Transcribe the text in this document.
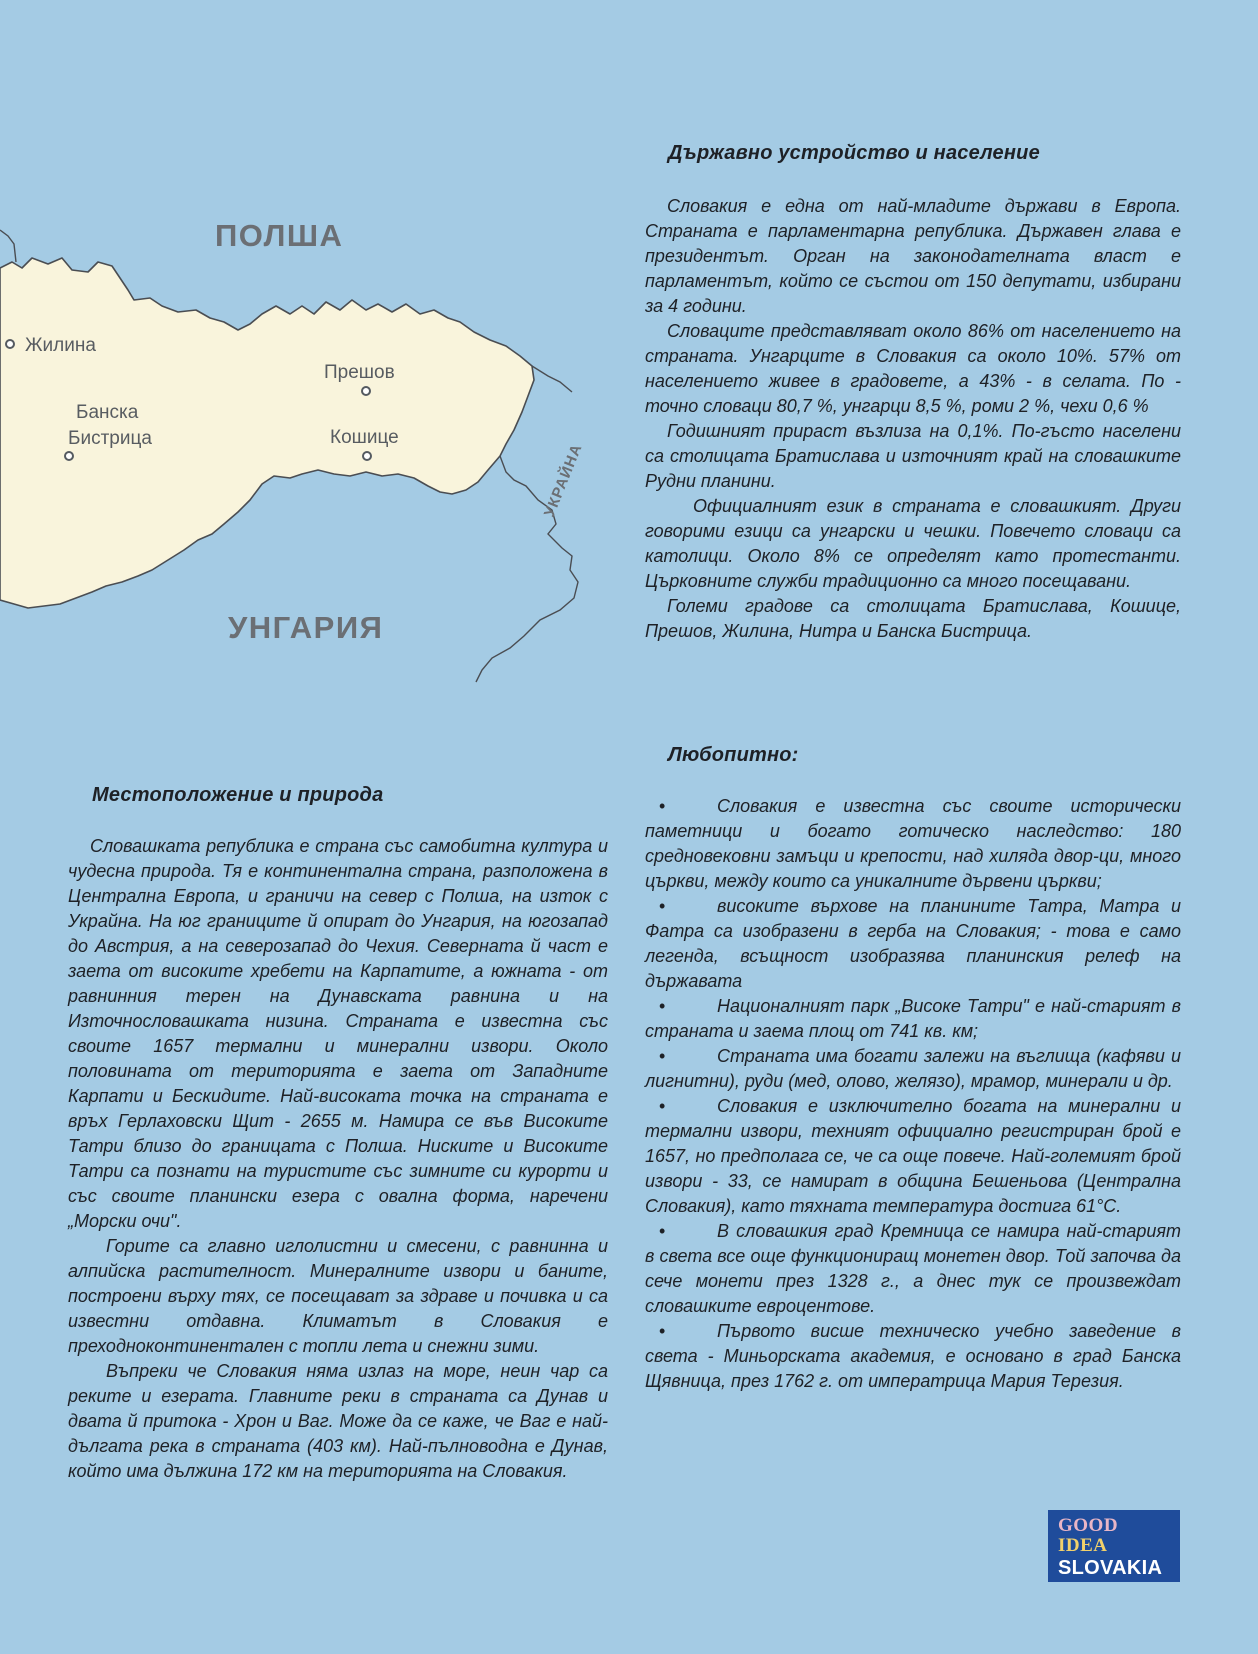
ПОЛША
УНГАРИЯ
УКРАЙНА
Жилина
Банска
Бистрица
Прешов
Кошице
Държавно устройство и население

Словакия е една от най-младите държави в Европа. Страната е парламентарна република. Държавен глава е президентът. Орган на законодателната власт е парламентът, който се състои от 150 депутати, избирани за 4 години.

Словаците представляват около 86% от населението на страната. Унгарците в Словакия са около 10%. 57% от населението живее в градовете, а 43% - в селата. По - точно словаци 80,7 %, унгарци 8,5 %, роми 2 %, чехи 0,6 %

Годишният прираст възлиза на 0,1%. По-гъсто населени са столицата Братислава и източният край на словашките Рудни планини.

Официалният език в страната е словашкият. Други говорими езици са унгарски и чешки. Повечето словаци са католици. Около 8% се определят като протестанти. Църковните служби традиционно са много посещавани.

Големи градове са столицата Братислава, Кошице, Прешов, Жилина, Нитра и Банска Бистрица.

Любопитно:
•	Словакия е известна със своите исторически паметници и богато готическо наследство: 180 средновековни замъци и крепости, над хиляда двор-ци, много църкви, между които са уникалните дървени църкви;
•	високите върхове на планините Татра, Матра и Фатра са изобразени в герба на Словакия; - това е само легенда, всъщност изобразява планинския релеф на държавата
•	Националният парк „Високе Татри" е най-старият в страната и заема площ от 741 кв. км;
•	Страната има богати залежи на въглища (кафяви и лигнитни), руди (мед, олово, желязо), мрамор, минерали и др.
•	Словакия е изключително богата на минерални и термални извори, техният официално регистриран брой е 1657, но предполага се, че са още повече. Най-големият брой извори - 33, се намират в община Бешеньова (Централна Словакия), като тяхната температура достига 61°C.
•	В словашкия град Кремница се намира най-старият в света все още функциониращ монетен двор. Той започва да сече монети през 1328 г., а днес тук се произвеждат словашките евроцентове.
•	Първото висше техническо учебно заведение в света - Миньорската академия, е основано в град Банска Щявница, през 1762 г. от императрица Мария Терезия.
Местоположение и природа

Словашката република е страна със самобитна култура и чудесна природа. Тя е континентална страна, разположена в Централна Европа, и граничи на север с Полша, на изток с Украйна. На юг границите й опират до Унгария, на югозапад до Австрия, а на северозапад до Чехия. Северната й част е заета от високите хребети на Карпатите, а южната - от равнинния терен на Дунавската равнина и на Източнословашката низина. Страната е известна със своите 1657 термални и минерални извори. Около половината от територията е заета от Западните Карпати и Бескидите. Най-високата точка на страната е връх Герлаховски Щит - 2655 м. Намира се във Високите Татри близо до границата с Полша. Ниските и Високите Татри са познати на туристите със зимните си курорти и със своите планински езера с овална форма, наречени „Морски очи".

Горите са главно иглолистни и смесени, с равнинна и алпийска растителност. Минералните извори и баните, построени върху тях, се посещават за здраве и почивка и са известни отдавна. Климатът в Словакия е преходноконтинентален с топли лета и снежни зими.

Въпреки че Словакия няма излаз на море, неин чар са реките и езерата. Главните реки в страната са Дунав и двата й притока - Хрон и Ваг. Може да се каже, че Ваг е най-дългата река в страната (403 км). Най-пълноводна е Дунав, който има дължина 172 км на територията на Словакия.

GOOD
IDEA
SLOVAKIA
